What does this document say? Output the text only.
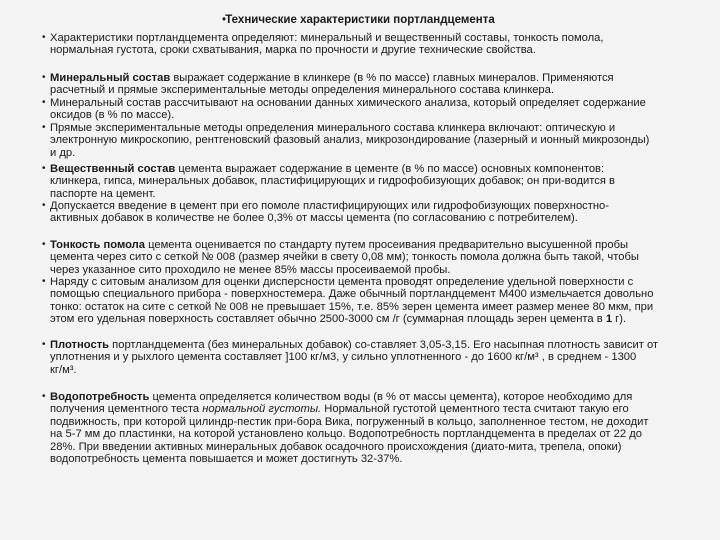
• Технические характеристики портландцемента
• Характеристики портландцемента определяют: минеральный и вещественный составы, тонкость помола,
нормальная густота, сроки схватывания, марка по прочности и другие технические свойства.
• Минеральный состав выражает содержание в клинкере (в % по массе) главных минералов. Применяются
расчетный и прямые экспериментальные методы определения минерального состава клинкера.
• Минеральный состав рассчитывают на основании данных химического анализа, который определяет содержание
оксидов (в % по массе).
• Прямые экспериментальные методы определения минерального состава клинкера включают: оптическую и
электронную микроскопию, рентгеновский фазовый анализ, микрозондирование (лазерный и ионный микрозонды)
и др.
• Вещественный состав цемента выражает содержание в цементе (в % по массе) основных компонентов:
клинкера, гипса, минеральных добавок, пластифицирующих и гидрофобизующих добавок; он при-водится в
паспорте на цемент.
• Допускается введение в цемент при его помоле пластифицирующих или гидрофобизующих поверхностно-
активных добавок в количестве не более 0,3% от массы цемента (по согласованию с потребителем).
• Тонкость помола цемента оценивается по стандарту путем просеивания предварительно высушенной пробы
цемента через сито с сеткой № 008 (размер ячейки в свету 0,08 мм); тонкость помола должна быть такой, чтобы
через указанное сито проходило не менее 85% массы просеиваемой пробы.
• Наряду с ситовым анализом для оценки дисперсности цемента проводят определение удельной поверхности с
помощью специального прибора - поверхностемера. Даже обычный портландцемент М400 измельчается довольно
тонко: остаток на сите с сеткой № 008 не превышает 15%, т.е. 85% зерен цемента имеет размер менее 80 мкм, при
этом его удельная поверхность составляет обычно 2500-3000 см /г (суммарная площадь зерен цемента в 1 г).
• Плотность портландцемента (без минеральных добавок) со-ставляет 3,05-3,15. Его насыпная плотность зависит от
уплотнения и у рыхлого цемента составляет ]100 кг/м3, у сильно уплотненного - до 1600 кг/м³ , в среднем - 1300
кг/м³.
• Водопотребность цемента определяется количеством воды (в % от массы цемента), которое необходимо для
получения цементного теста нормальной густоты. Нормальной густотой цементного теста считают такую его
подвижность, при которой цилиндр-пестик при-бора Вика, погруженный в кольцо, заполненное тестом, не доходит
на 5-7 мм до пластинки, на которой установлено кольцо. Водопотребность портландцемента в пределах от 22 до
28%. При введении активных минеральных добавок осадочного происхождения (диато-мита, трепела, опоки)
водопотребность цемента повышается и может достигнуть 32-37%.
